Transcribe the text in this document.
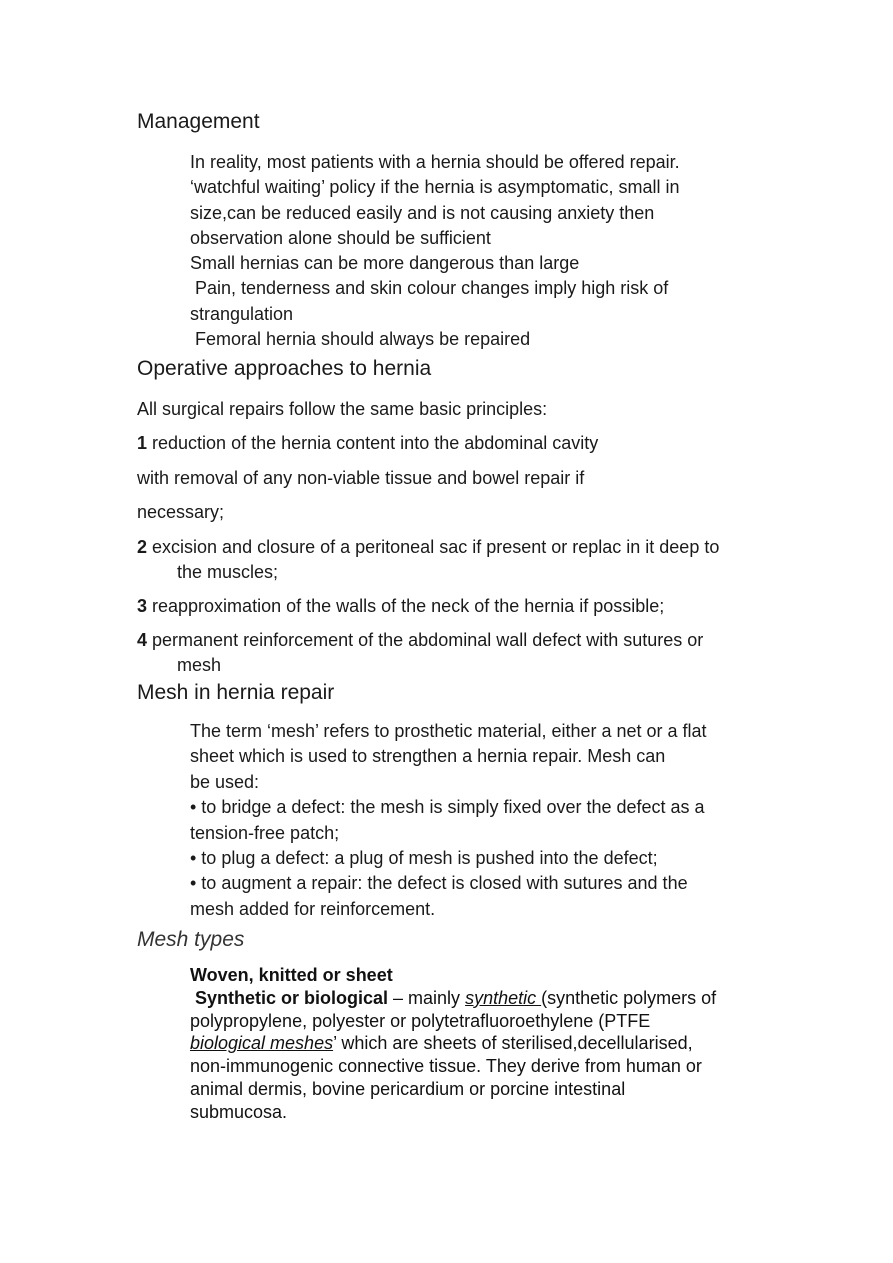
Management
In reality, most patients with a hernia should be offered repair.
‘watchful waiting’ policy if the hernia is asymptomatic, small in
size,can be reduced easily and is not causing anxiety then
observation alone should be sufficient
Small hernias can be more dangerous than large
Pain, tenderness and skin colour changes imply high risk of
strangulation
Femoral hernia should always be repaired
Operative approaches to hernia
All surgical repairs follow the same basic principles:
1 reduction of the hernia content into the abdominal cavity
with removal of any non-viable tissue and bowel repair if
necessary;
2 excision and closure of a peritoneal sac if present or replac in it deep to
the muscles;
3 reapproximation of the walls of the neck of the hernia if possible;
4 permanent reinforcement of the abdominal wall defect with sutures or
mesh
Mesh in hernia repair
The term ‘mesh’ refers to prosthetic material, either a net or a flat
sheet which is used to strengthen a hernia repair. Mesh can
be used:
• to bridge a defect: the mesh is simply fixed over the defect as a
tension-free patch;
• to plug a defect: a plug of mesh is pushed into the defect;
• to augment a repair: the defect is closed with sutures and the
mesh added for reinforcement.
Mesh types
Woven, knitted or sheet
Synthetic or biological – mainly synthetic (synthetic polymers of
polypropylene, polyester or polytetrafluoroethylene (PTFE
biological meshes’ which are sheets of sterilised,decellularised,
non-immunogenic connective tissue. They derive from human or
animal dermis, bovine pericardium or porcine intestinal
submucosa.
